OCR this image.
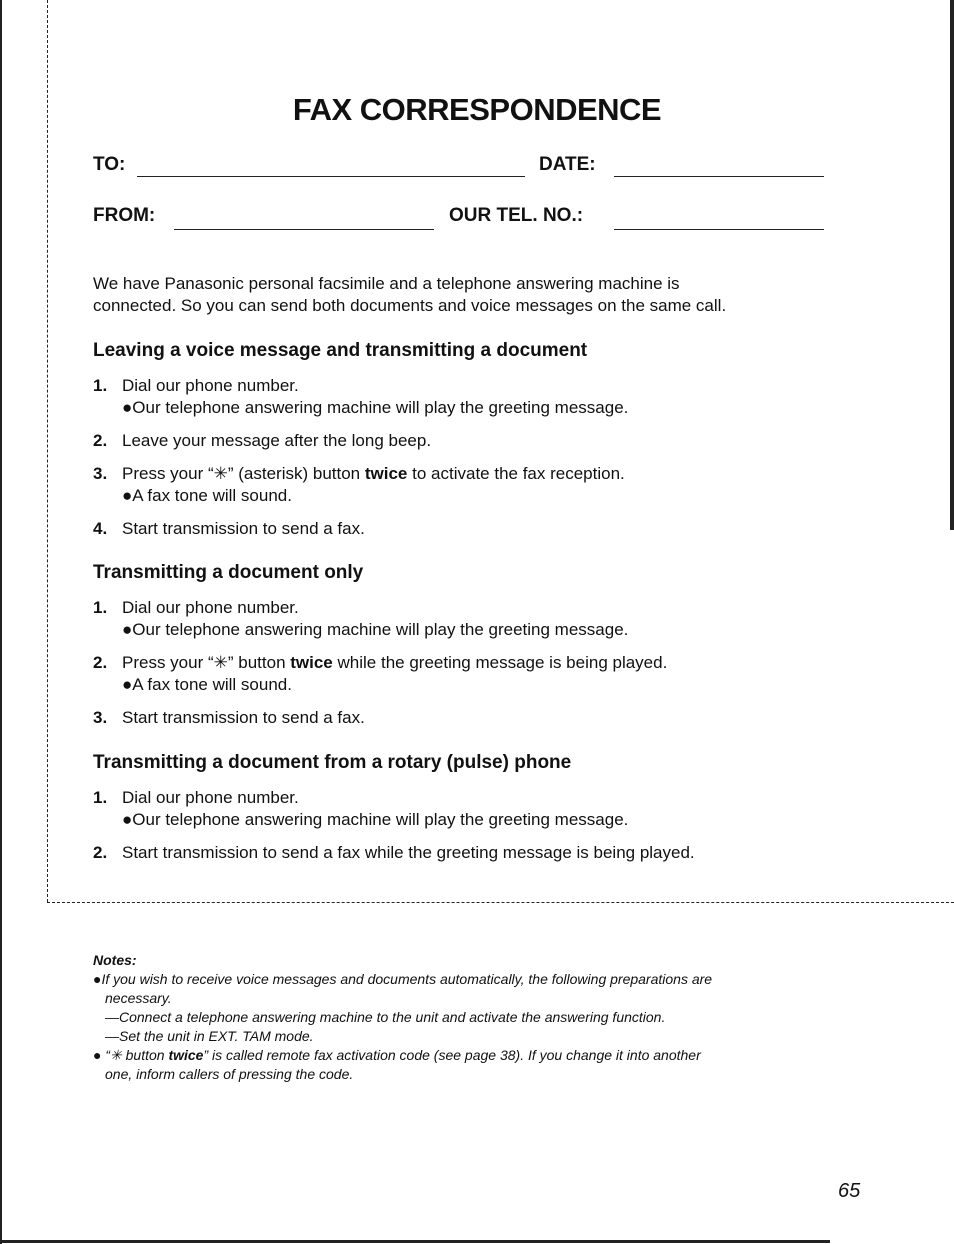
FAX CORRESPONDENCE
TO:	DATE:
FROM:	OUR TEL. NO.:
We have Panasonic personal facsimile and a telephone answering machine is
connected. So you can send both documents and voice messages on the same call.
Leaving a voice message and transmitting a document
1. Dial our phone number.
●Our telephone answering machine will play the greeting message.
2. Leave your message after the long beep.
3. Press your “✳” (asterisk) button twice to activate the fax reception.
●A fax tone will sound.
4. Start transmission to send a fax.
Transmitting a document only
1. Dial our phone number.
●Our telephone answering machine will play the greeting message.
2. Press your “✳” button twice while the greeting message is being played.
●A fax tone will sound.
3. Start transmission to send a fax.
Transmitting a document from a rotary (pulse) phone
1. Dial our phone number.
●Our telephone answering machine will play the greeting message.
2. Start transmission to send a fax while the greeting message is being played.
Notes:
●If you wish to receive voice messages and documents automatically, the following preparations are
necessary.
—Connect a telephone answering machine to the unit and activate the answering function.
—Set the unit in EXT. TAM mode.
● “✳ button twice” is called remote fax activation code (see page 38). If you change it into another
one, inform callers of pressing the code.
65
